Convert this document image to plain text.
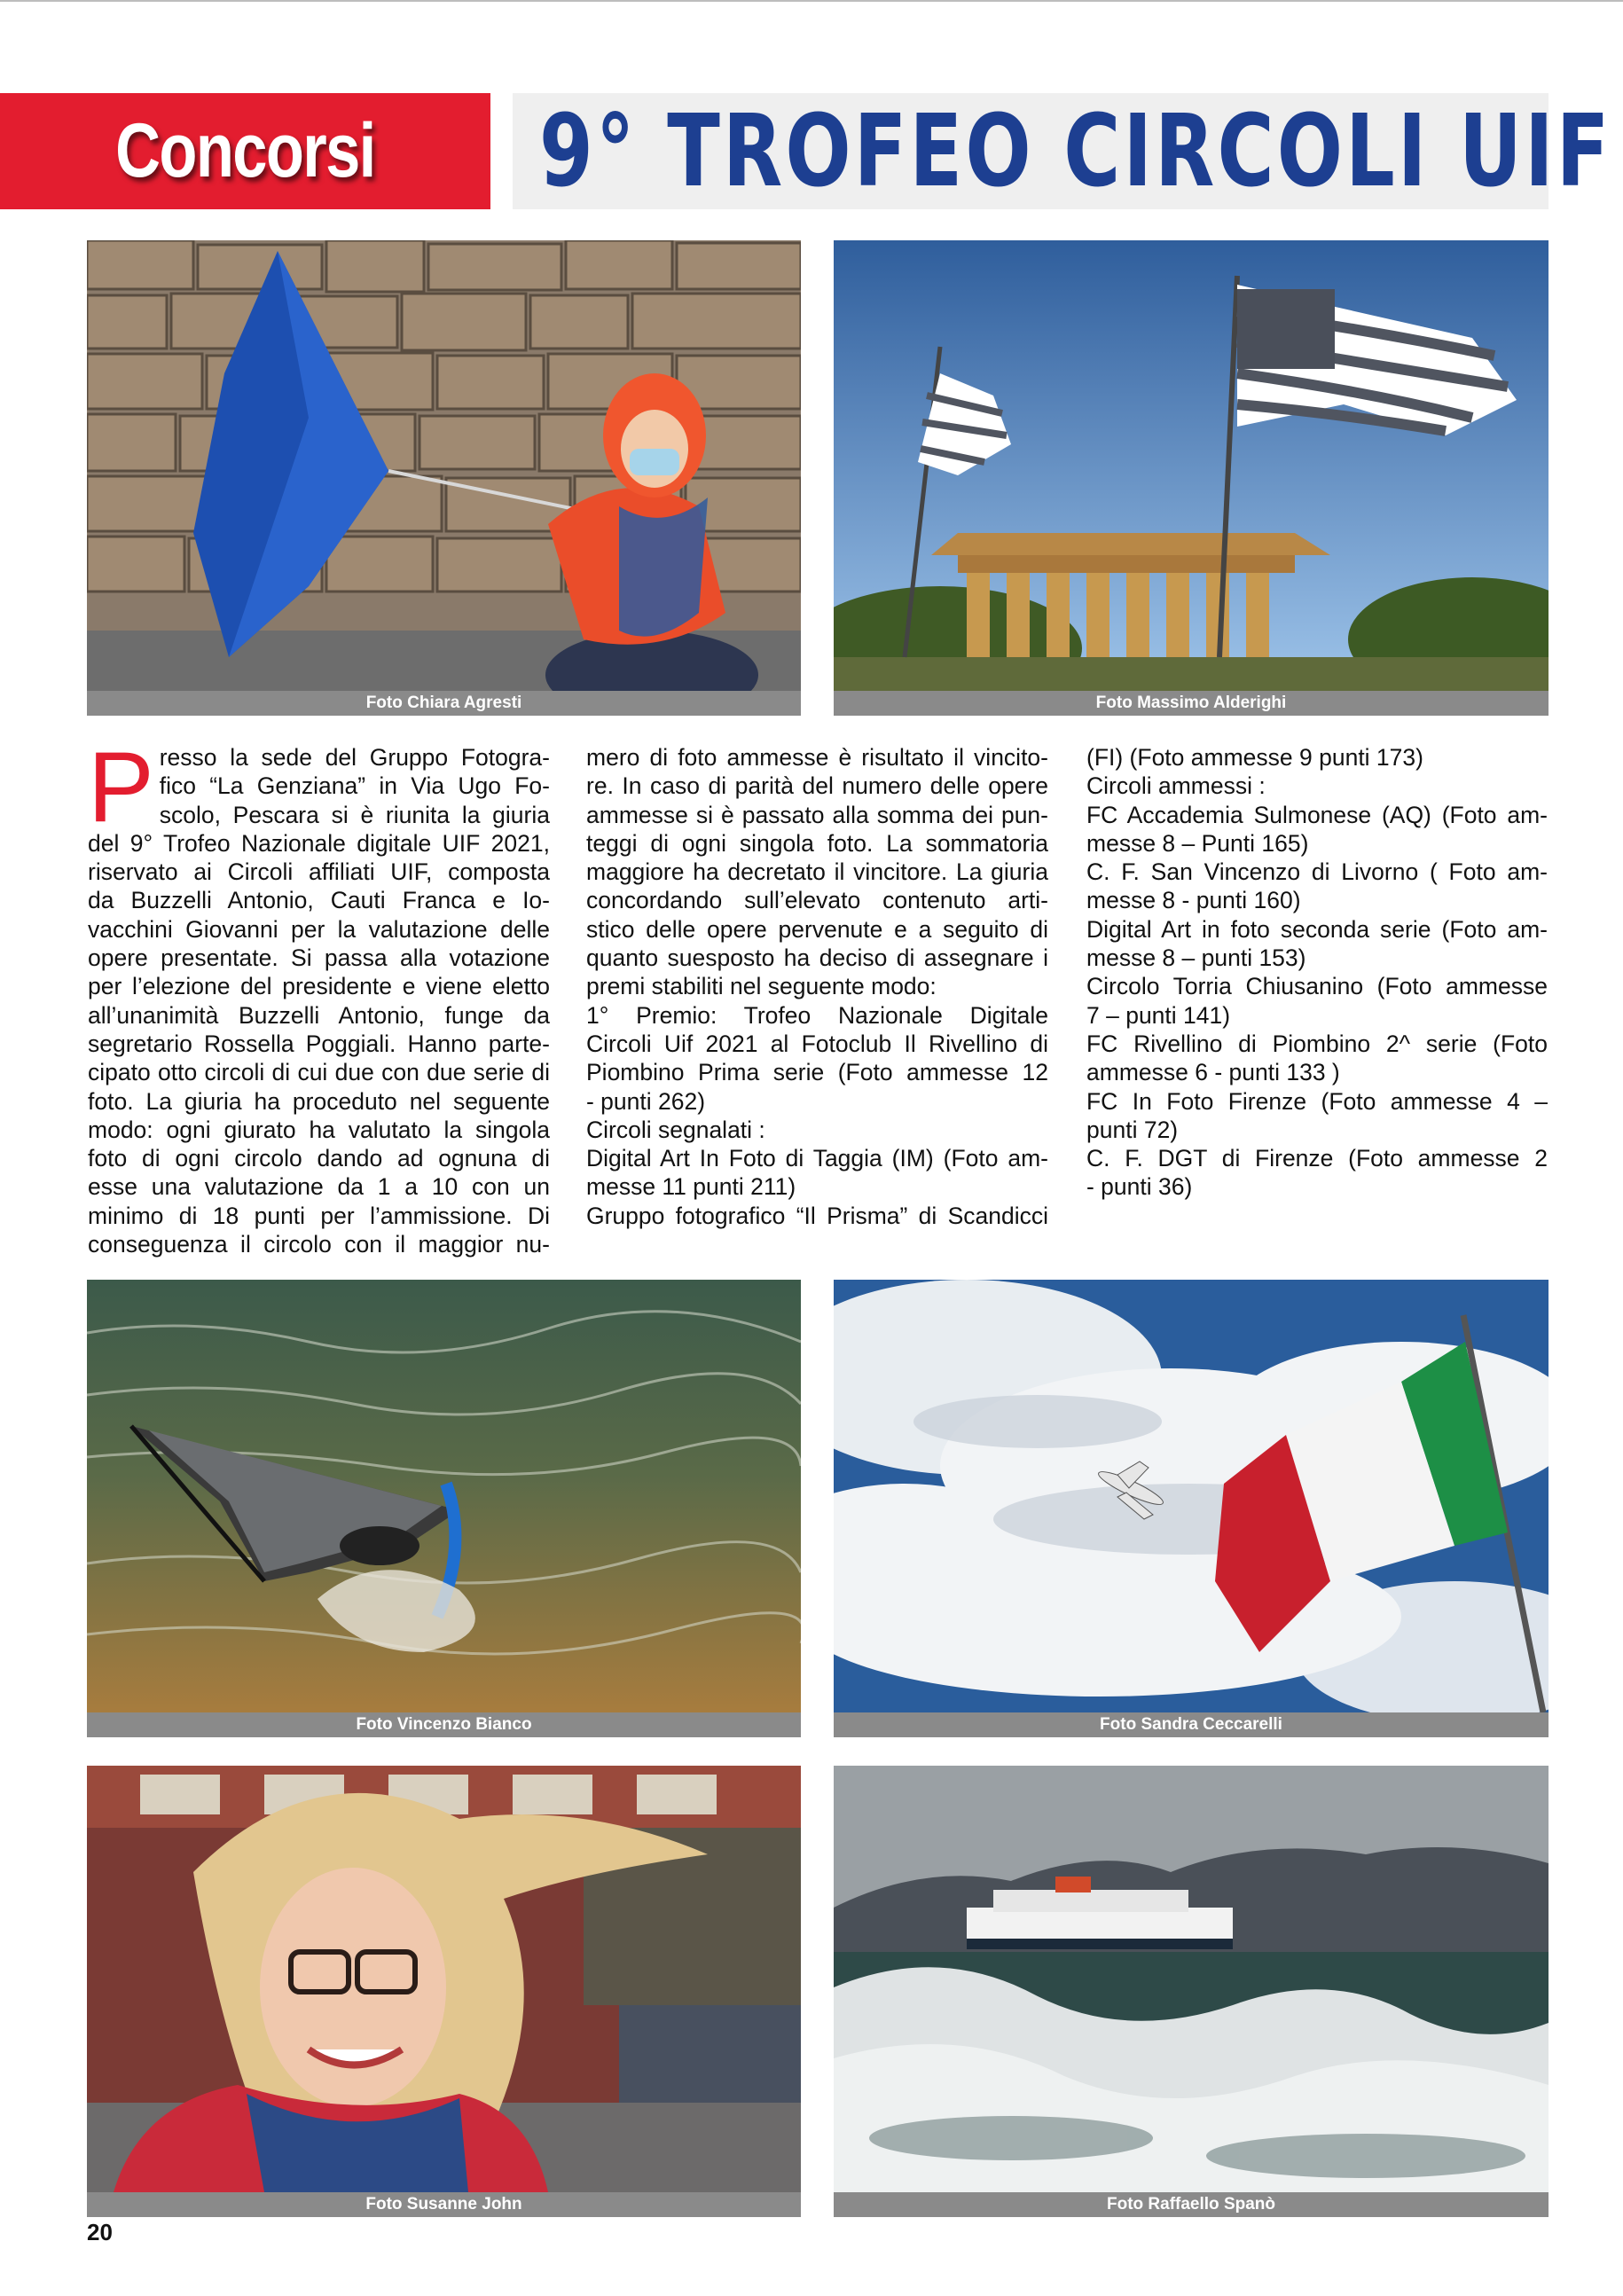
Concorsi 9° TROFEO CIRCOLI UIF
Foto Chiara Agresti	Foto Massimo Alderighi
P resso la sede del Gruppo Fotogra-

fico “La Genziana” in Via Ugo Fo-

scolo, Pescara si è riunita la giuria

del 9° Trofeo Nazionale digitale UIF 2021,

riservato ai Circoli affiliati UIF, composta

da Buzzelli Antonio, Cauti Franca e Io-

vacchini Giovanni per la valutazione delle

opere presentate. Si passa alla votazione

per l’elezione del presidente e viene eletto

all’unanimità Buzzelli Antonio, funge da

segretario Rossella Poggiali. Hanno parte-

cipato otto circoli di cui due con due serie di

foto. La giuria ha proceduto nel seguente

modo: ogni giurato ha valutato la singola

foto di ogni circolo dando ad ognuna di

esse una valutazione da 1 a 10 con un

minimo di 18 punti per l’ammissione. Di

conseguenza il circolo con il maggior nu-

mero di foto ammesse è risultato il vincito-

re. In caso di parità del numero delle opere

ammesse si è passato alla somma dei pun-

teggi di ogni singola foto. La sommatoria

maggiore ha decretato il vincitore. La giuria

concordando sull’elevato contenuto arti-

stico delle opere pervenute e a seguito di

quanto suesposto ha deciso di assegnare i

premi stabiliti nel seguente modo:

1° Premio: Trofeo Nazionale Digitale

Circoli Uif 2021 al Fotoclub Il Rivellino di

Piombino Prima serie (Foto ammesse 12

- punti 262)

Circoli segnalati :

Digital Art In Foto di Taggia (IM) (Foto am-

messe 11 punti 211)

Gruppo fotografico “Il Prisma” di Scandicci

(FI) (Foto ammesse 9 punti 173)

Circoli ammessi :

FC Accademia Sulmonese (AQ) (Foto am-

messe 8 – Punti 165)

C. F. San Vincenzo di Livorno ( Foto am-

messe 8 - punti 160)

Digital Art in foto seconda serie (Foto am-

messe 8 – punti 153)

Circolo Torria Chiusanino (Foto ammesse

7 – punti 141)

FC Rivellino di Piombino 2^ serie (Foto

ammesse 6 - punti 133 )

FC In Foto Firenze (Foto ammesse 4 –

punti 72)

C. F. DGT di Firenze (Foto ammesse 2

- punti 36)

Foto Vincenzo Bianco	Foto Sandra Ceccarelli
Foto Susanne John	Foto Raffaello Spanò
20
